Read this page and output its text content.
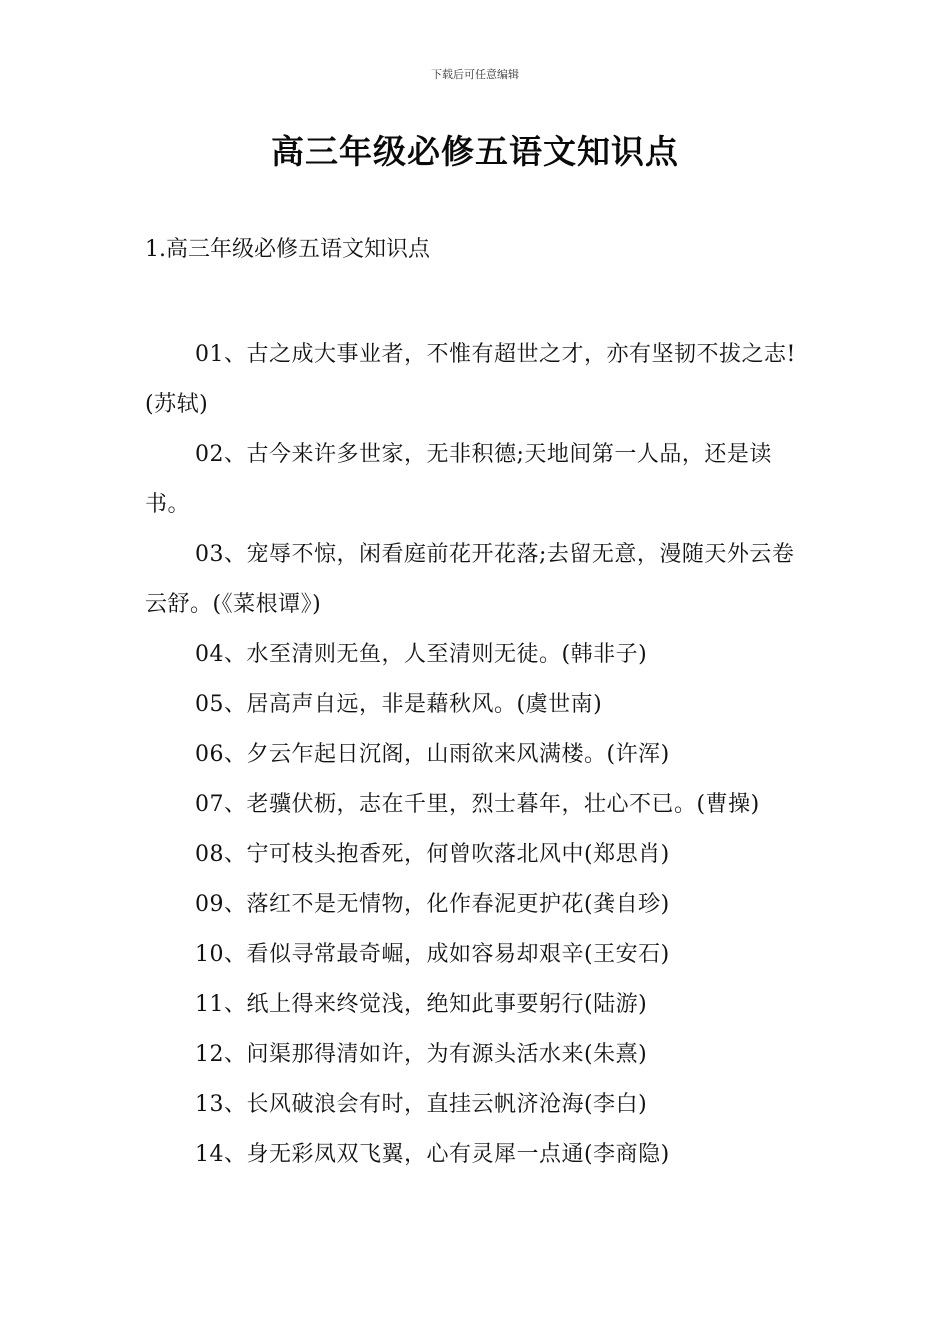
下载后可任意编辑
高三年级必修五语文知识点
1.高三年级必修五语文知识点

01、古之成大事业者，不惟有超世之才，亦有坚韧不拔之志!(苏轼)

02、古今来许多世家，无非积德;天地间第一人品，还是读书。

03、宠辱不惊，闲看庭前花开花落;去留无意，漫随天外云卷云舒。(《菜根谭》)

04、水至清则无鱼，人至清则无徒。(韩非子)

05、居高声自远，非是藉秋风。(虞世南)

06、夕云乍起日沉阁，山雨欲来风满楼。(许浑)

07、老骥伏枥，志在千里，烈士暮年，壮心不已。(曹操)

08、宁可枝头抱香死，何曾吹落北风中(郑思肖)

09、落红不是无情物，化作春泥更护花(龚自珍)

10、看似寻常最奇崛，成如容易却艰辛(王安石)

11、纸上得来终觉浅，绝知此事要躬行(陆游)

12、问渠那得清如许，为有源头活水来(朱熹)

13、长风破浪会有时，直挂云帆济沧海(李白)

14、身无彩凤双飞翼，心有灵犀一点通(李商隐)
